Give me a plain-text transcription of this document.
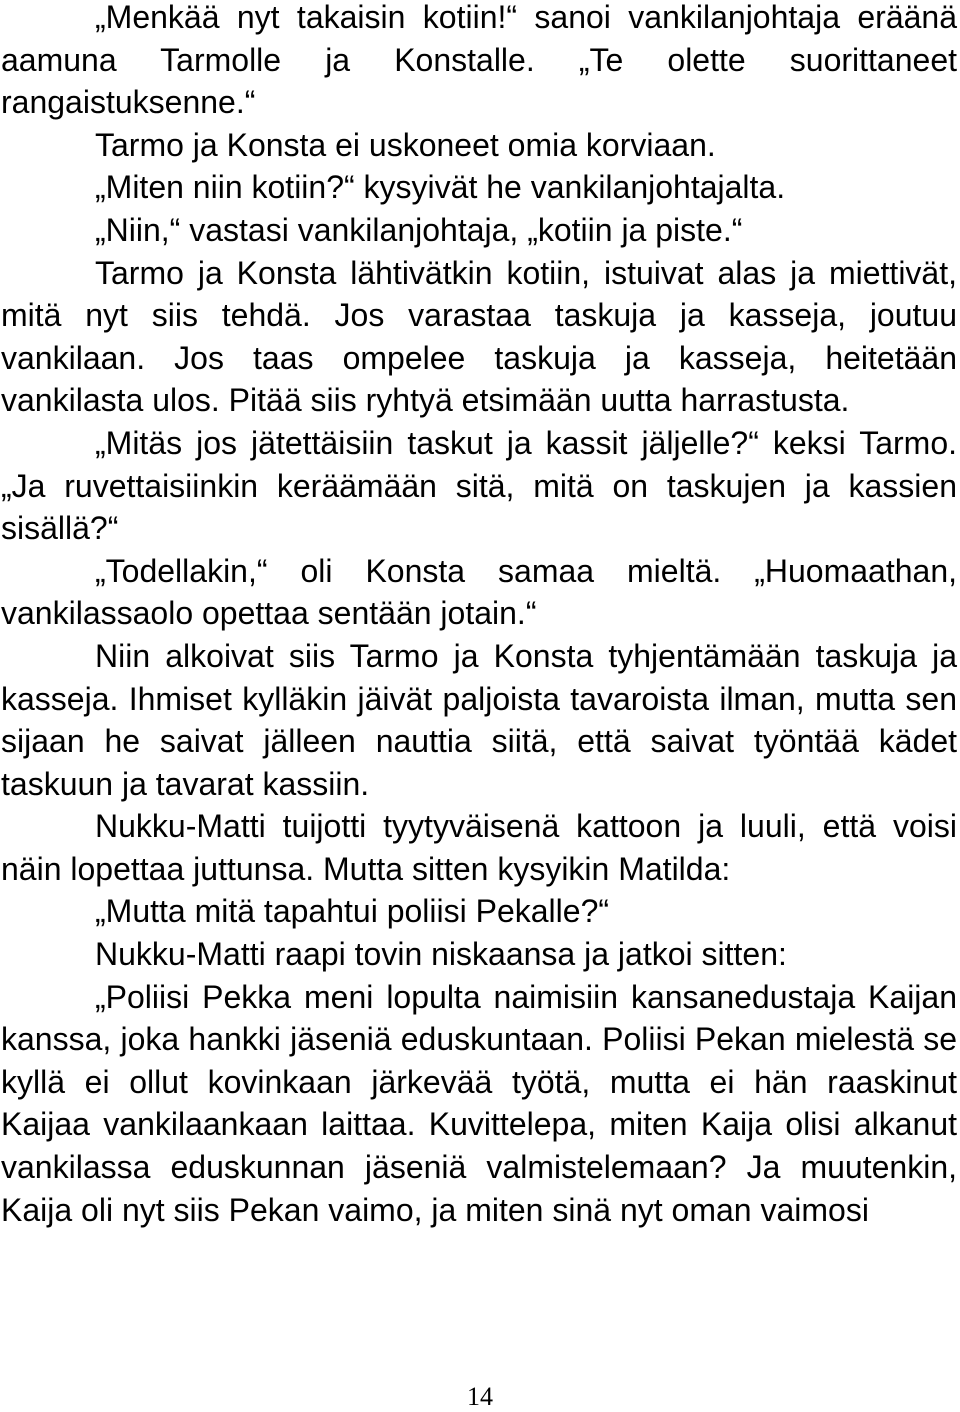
„Menkää nyt takaisin kotiin!“ sanoi vankilanjohtaja eräänä aamuna Tarmolle ja Konstalle. „Te olette suorittaneet rangaistuksenne.“

Tarmo ja Konsta ei uskoneet omia korviaan.

„Miten niin kotiin?“ kysyivät he vankilanjohtajalta.

„Niin,“ vastasi vankilanjohtaja, „kotiin ja piste.“

Tarmo ja Konsta lähtivätkin kotiin, istuivat alas ja miettivät, mitä nyt siis tehdä. Jos varastaa taskuja ja kasseja, joutuu vankilaan. Jos taas ompelee taskuja ja kasseja, heitetään vankilasta ulos. Pitää siis ryhtyä etsimään uutta harrastusta.

„Mitäs jos jätettäisiin taskut ja kassit jäljelle?“ keksi Tarmo. „Ja ruvettaisiinkin keräämään sitä, mitä on taskujen ja kassien sisällä?“

„Todellakin,“ oli Konsta samaa mieltä. „Huomaathan, vankilassaolo opettaa sentään jotain.“

Niin alkoivat siis Tarmo ja Konsta tyhjentämään taskuja ja kasseja. Ihmiset kylläkin jäivät paljoista tavaroista ilman, mutta sen sijaan he saivat jälleen nauttia siitä, että saivat työntää kädet taskuun ja tavarat kassiin.

Nukku-Matti tuijotti tyytyväisenä kattoon ja luuli, että voisi näin lopettaa juttunsa. Mutta sitten kysyikin Matilda:

„Mutta mitä tapahtui poliisi Pekalle?“

Nukku-Matti raapi tovin niskaansa ja jatkoi sitten:

„Poliisi Pekka meni lopulta naimisiin kansanedustaja Kaijan kanssa, joka hankki jäseniä eduskuntaan. Poliisi Pekan mielestä se kyllä ei ollut kovinkaan järkevää työtä, mutta ei hän raaskinut Kaijaa vankilaankaan laittaa. Kuvittelepa, miten Kaija olisi alkanut vankilassa eduskunnan jäseniä valmistelemaan? Ja muutenkin, Kaija oli nyt siis Pekan vaimo, ja miten sinä nyt oman vaimosi

14
